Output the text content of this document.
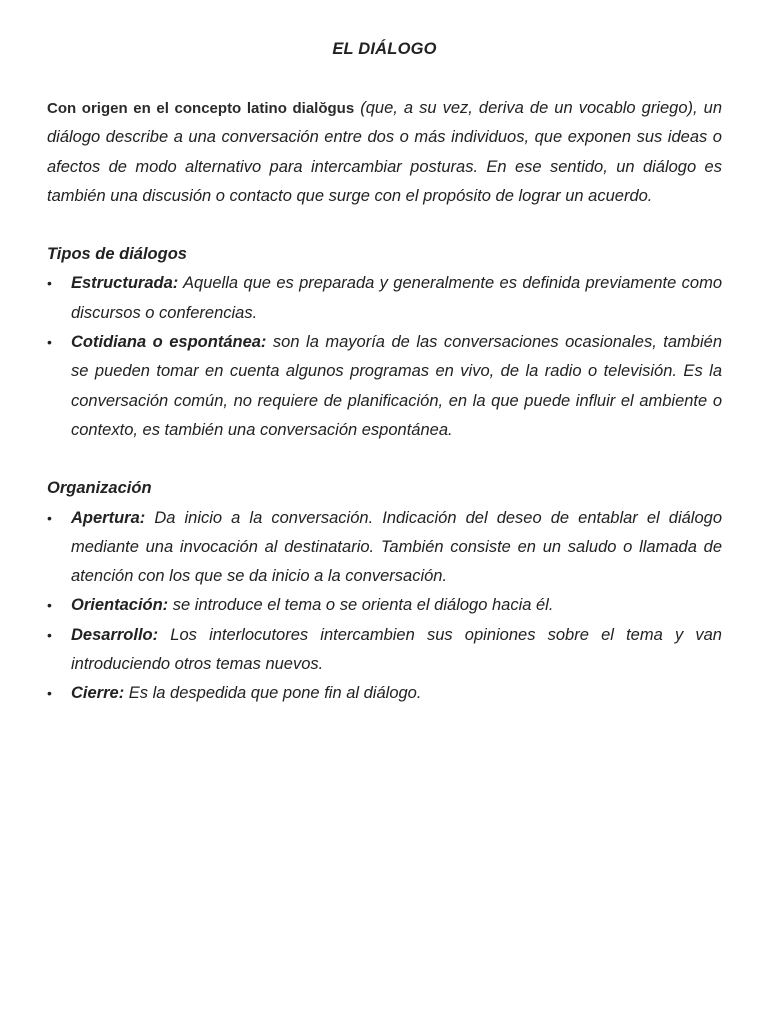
EL DIÁLOGO

Con origen en el concepto latino dialŏgus (que, a su vez, deriva de un vocablo griego), un diálogo describe a una conversación entre dos o más individuos, que exponen sus ideas o afectos de modo alternativo para intercambiar posturas. En ese sentido, un diálogo es también una discusión o contacto que surge con el propósito de lograr un acuerdo.

Tipos de diálogos

• Estructurada: Aquella que es preparada y generalmente es definida previamente como discursos o conferencias.
• Cotidiana o espontánea: son la mayoría de las conversaciones ocasionales, también se pueden tomar en cuenta algunos programas en vivo, de la radio o televisión. Es la conversación común, no requiere de planificación, en la que puede influir el ambiente o contexto, es también una conversación espontánea.

Organización

• Apertura: Da inicio a la conversación. Indicación del deseo de entablar el diálogo mediante una invocación al destinatario. También consiste en un saludo o llamada de atención con los que se da inicio a la conversación.
• Orientación: se introduce el tema o se orienta el diálogo hacia él.
• Desarrollo: Los interlocutores intercambien sus opiniones sobre el tema y van introduciendo otros temas nuevos.
• Cierre: Es la despedida que pone fin al diálogo.
